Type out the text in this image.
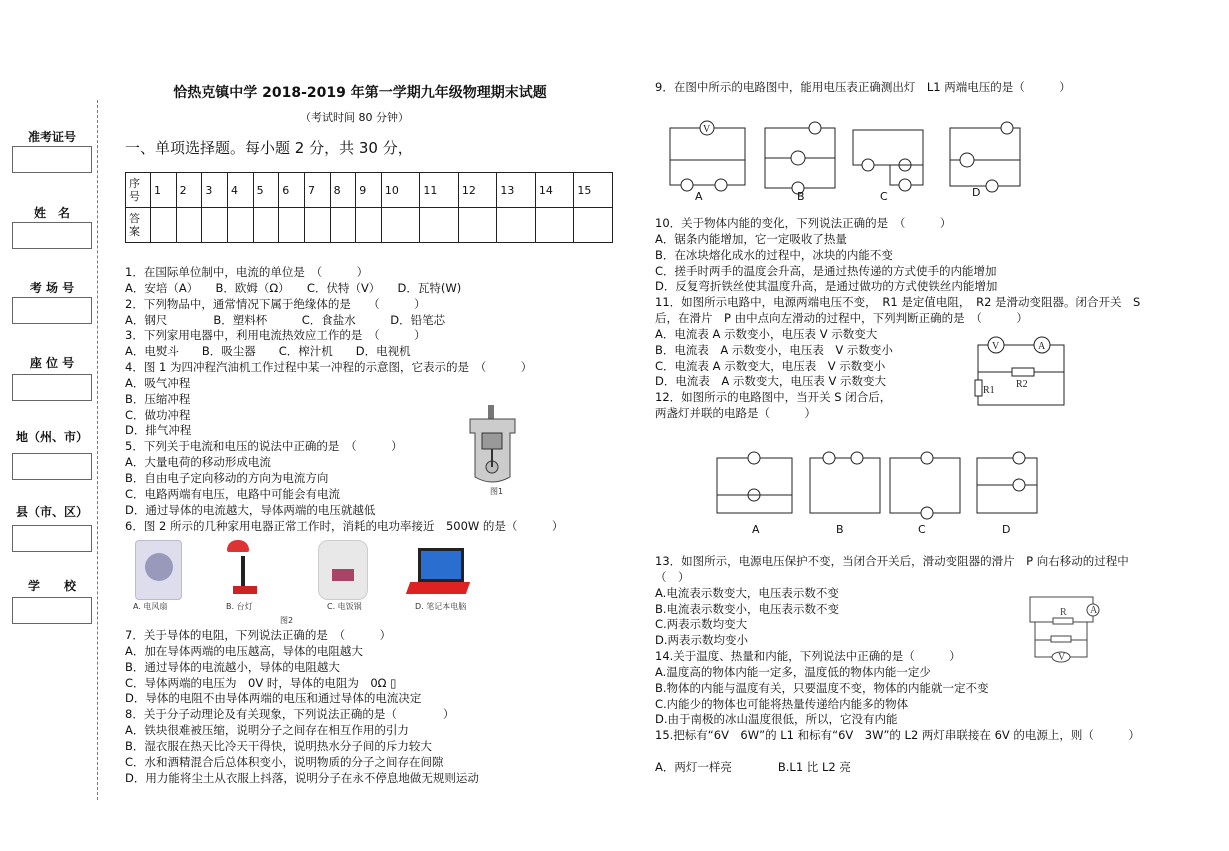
准考证号
姓　名
考 场 号
座 位 号
地（州、市）
县（市、区）
学　　校
恰热克镇中学 2018-2019 年第一学期九年级物理期末试题
（考试时间 80 分钟）
一、单项选择题。每小题 2 分，共 30 分，
序号	1	2	3	4	5	6	7	8	9	10	11	12	13	14	15
答案															
1．在国际单位制中，电流的单位是　（　　　）
A．安培（A）　　B．欧姆（Ω）　　C．伏特（V）　　D．瓦特(W)
2．下列物品中，通常情况下属于绝缘体的是　　（　　　）
A．钢尺　　　　B．塑料杯　　　C．食盐水　　　D．铅笔芯
3．下列家用电器中，利用电流热效应工作的是　（　　　）
A．电熨斗　　B．吸尘器　　C．榨汁机　　D．电视机
4．图 1 为四冲程汽油机工作过程中某一冲程的示意图，它表示的是　（　　　）
A．吸气冲程
B．压缩冲程
C．做功冲程
D．排气冲程
5．下列关于电流和电压的说法中正确的是　（　　　）
A．大量电荷的移动形成电流
B．自由电子定向移动的方向为电流方向
C．电路两端有电压，电路中可能会有电流
D．通过导体的电流越大，导体两端的电压就越低
6．图 2 所示的几种家用电器正常工作时，消耗的电功率接近　500W 的是（　　　）
图1
A. 电风扇	B. 台灯	C. 电饭锅	D. 笔记本电脑
图2
7．关于导体的电阻，下列说法正确的是　（　　　）
A．加在导体两端的电压越高，导体的电阻越大
B．通过导体的电流越小，导体的电阻越大
C．导体两端的电压为　0V 时，导体的电阻为　0Ω ▯
D．导体的电阻不由导体两端的电压和通过导体的电流决定
8．关于分子动理论及有关现象，下列说法正确的是（　　　　）
A．铁块很难被压缩，说明分子之间存在相互作用的引力
B．湿衣服在热天比冷天干得快，说明热水分子间的斥力较大
C．水和酒精混合后总体积变小，说明物质的分子之间存在间隙
D．用力能将尘土从衣服上抖落，说明分子在永不停息地做无规则运动
9．在图中所示的电路图中，能用电压表正确测出灯　L1 两端电压的是（　　　）
V
A	B	C	D
10．关于物体内能的变化，下列说法正确的是　（　　　）
A．锯条内能增加，它一定吸收了热量
B．在冰块熔化成水的过程中，冰块的内能不变
C．搓手时两手的温度会升高，是通过热传递的方式使手的内能增加
D．反复弯折铁丝使其温度升高，是通过做功的方式使铁丝内能增加
11．如图所示电路中，电源两端电压不变，　R1 是定值电阻，　R2 是滑动变阻器。闭合开关　S
后，在滑片　P 由中点向左滑动的过程中，下列判断正确的是　（　　　）
A．电流表 A 示数变小，电压表 V 示数变大
B．电流表　A 示数变小，电压表　V 示数变小
C．电流表 A 示数变大，电压表　V 示数变小
D．电流表　A 示数变大，电压表 V 示数变大
12．如图所示的电路图中，当开关 S 闭合后，
两盏灯并联的电路是（　　　）
V	A
R1
R2
A	B	C	D
13．如图所示，电源电压保护不变，当闭合开关后，滑动变阻器的滑片　P 向右移动的过程中
（　）
A.电流表示数变大，电压表示数不变
B.电流表示数变小，电压表示数不变
C.两表示数均变大
D.两表示数均变小
14.关于温度、热量和内能，下列说法中正确的是（　　　）
A.温度高的物体内能一定多，温度低的物体内能一定少
B.物体的内能与温度有关，只要温度不变，物体的内能就一定不变
C.内能少的物体也可能将热量传递给内能多的物体
D.由于南极的冰山温度很低，所以，它没有内能
15.把标有“6V　6W”的 L1 和标有“6V　3W”的 L2 两灯串联接在 6V 的电源上，则（　　　）
A．两灯一样亮　　　　B.L1 比 L2 亮
A
R
V
